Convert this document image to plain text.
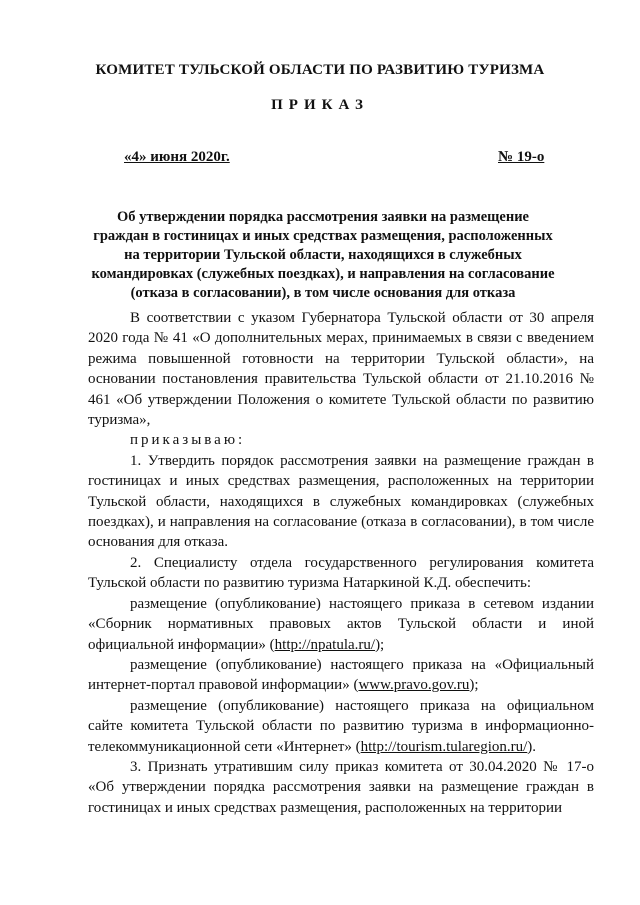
КОМИТЕТ ТУЛЬСКОЙ ОБЛАСТИ ПО РАЗВИТИЮ ТУРИЗМА
ПРИКАЗ
«4» июня 2020г.	№ 19-о
Об утверждении порядка рассмотрения заявки на размещение граждан в гостиницах и иных средствах размещения, расположенных на территории Тульской области, находящихся в служебных командировках (служебных поездках), и направления на согласование (отказа в согласовании), в том числе основания для отказа

В соответствии с указом Губернатора Тульской области от 30 апреля 2020 года № 41 «О дополнительных мерах, принимаемых в связи с введением режима повышенной готовности на территории Тульской области», на основании постановления правительства Тульской области от 21.10.2016 № 461 «Об утверждении Положения о комитете Тульской области по развитию туризма»,

приказываю:

1. Утвердить порядок рассмотрения заявки на размещение граждан в гостиницах и иных средствах размещения, расположенных на территории Тульской области, находящихся в служебных командировках (служебных поездках), и направления на согласование (отказа в согласовании), в том числе основания для отказа.

2. Специалисту отдела государственного регулирования комитета Тульской области по развитию туризма Натаркиной К.Д. обеспечить:

размещение (опубликование) настоящего приказа в сетевом издании «Сборник нормативных правовых актов Тульской области и иной официальной информации» (http://npatula.ru/);

размещение (опубликование) настоящего приказа на «Официальный интернет-портал правовой информации» (www.pravo.gov.ru);

размещение (опубликование) настоящего приказа на официальном сайте комитета Тульской области по развитию туризма в информационно-телекоммуникационной сети «Интернет» (http://tourism.tularegion.ru/).

3. Признать утратившим силу приказ комитета от 30.04.2020 № 17-о «Об утверждении порядка рассмотрения заявки на размещение граждан в гостиницах и иных средствах размещения, расположенных на территории
